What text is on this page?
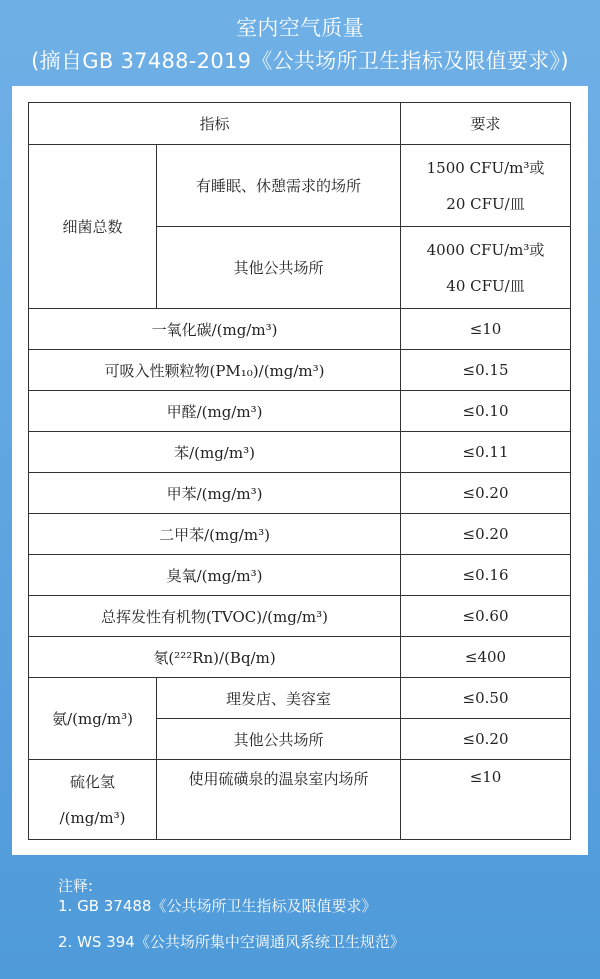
室内空气质量
(摘自GB 37488-2019《公共场所卫生指标及限值要求》)
指标		要求
细菌总数	有睡眠、休憩需求的场所	1500 CFU/m³或
20 CFU/皿

	其他公共场所	4000 CFU/m³或
40 CFU/皿

一氧化碳/(mg/m³)		≤10
可吸入性颗粒物(PM₁₀)/(mg/m³)		≤0.15
甲醛/(mg/m³)		≤0.10
苯/(mg/m³)		≤0.11
甲苯/(mg/m³)		≤0.20
二甲苯/(mg/m³)		≤0.20
臭氧/(mg/m³)		≤0.16
总挥发性有机物(TVOC)/(mg/m³)		≤0.60
氡(²²²Rn)/(Bq/m)		≤400
氨/(mg/m³)	理发店、美容室	≤0.50
	其他公共场所	≤0.20

硫化氢
/(mg/m³)	使用硫磺泉的温泉室内场所	≤10
注释:
1. GB 37488《公共场所卫生指标及限值要求》
2. WS 394《公共场所集中空调通风系统卫生规范》
